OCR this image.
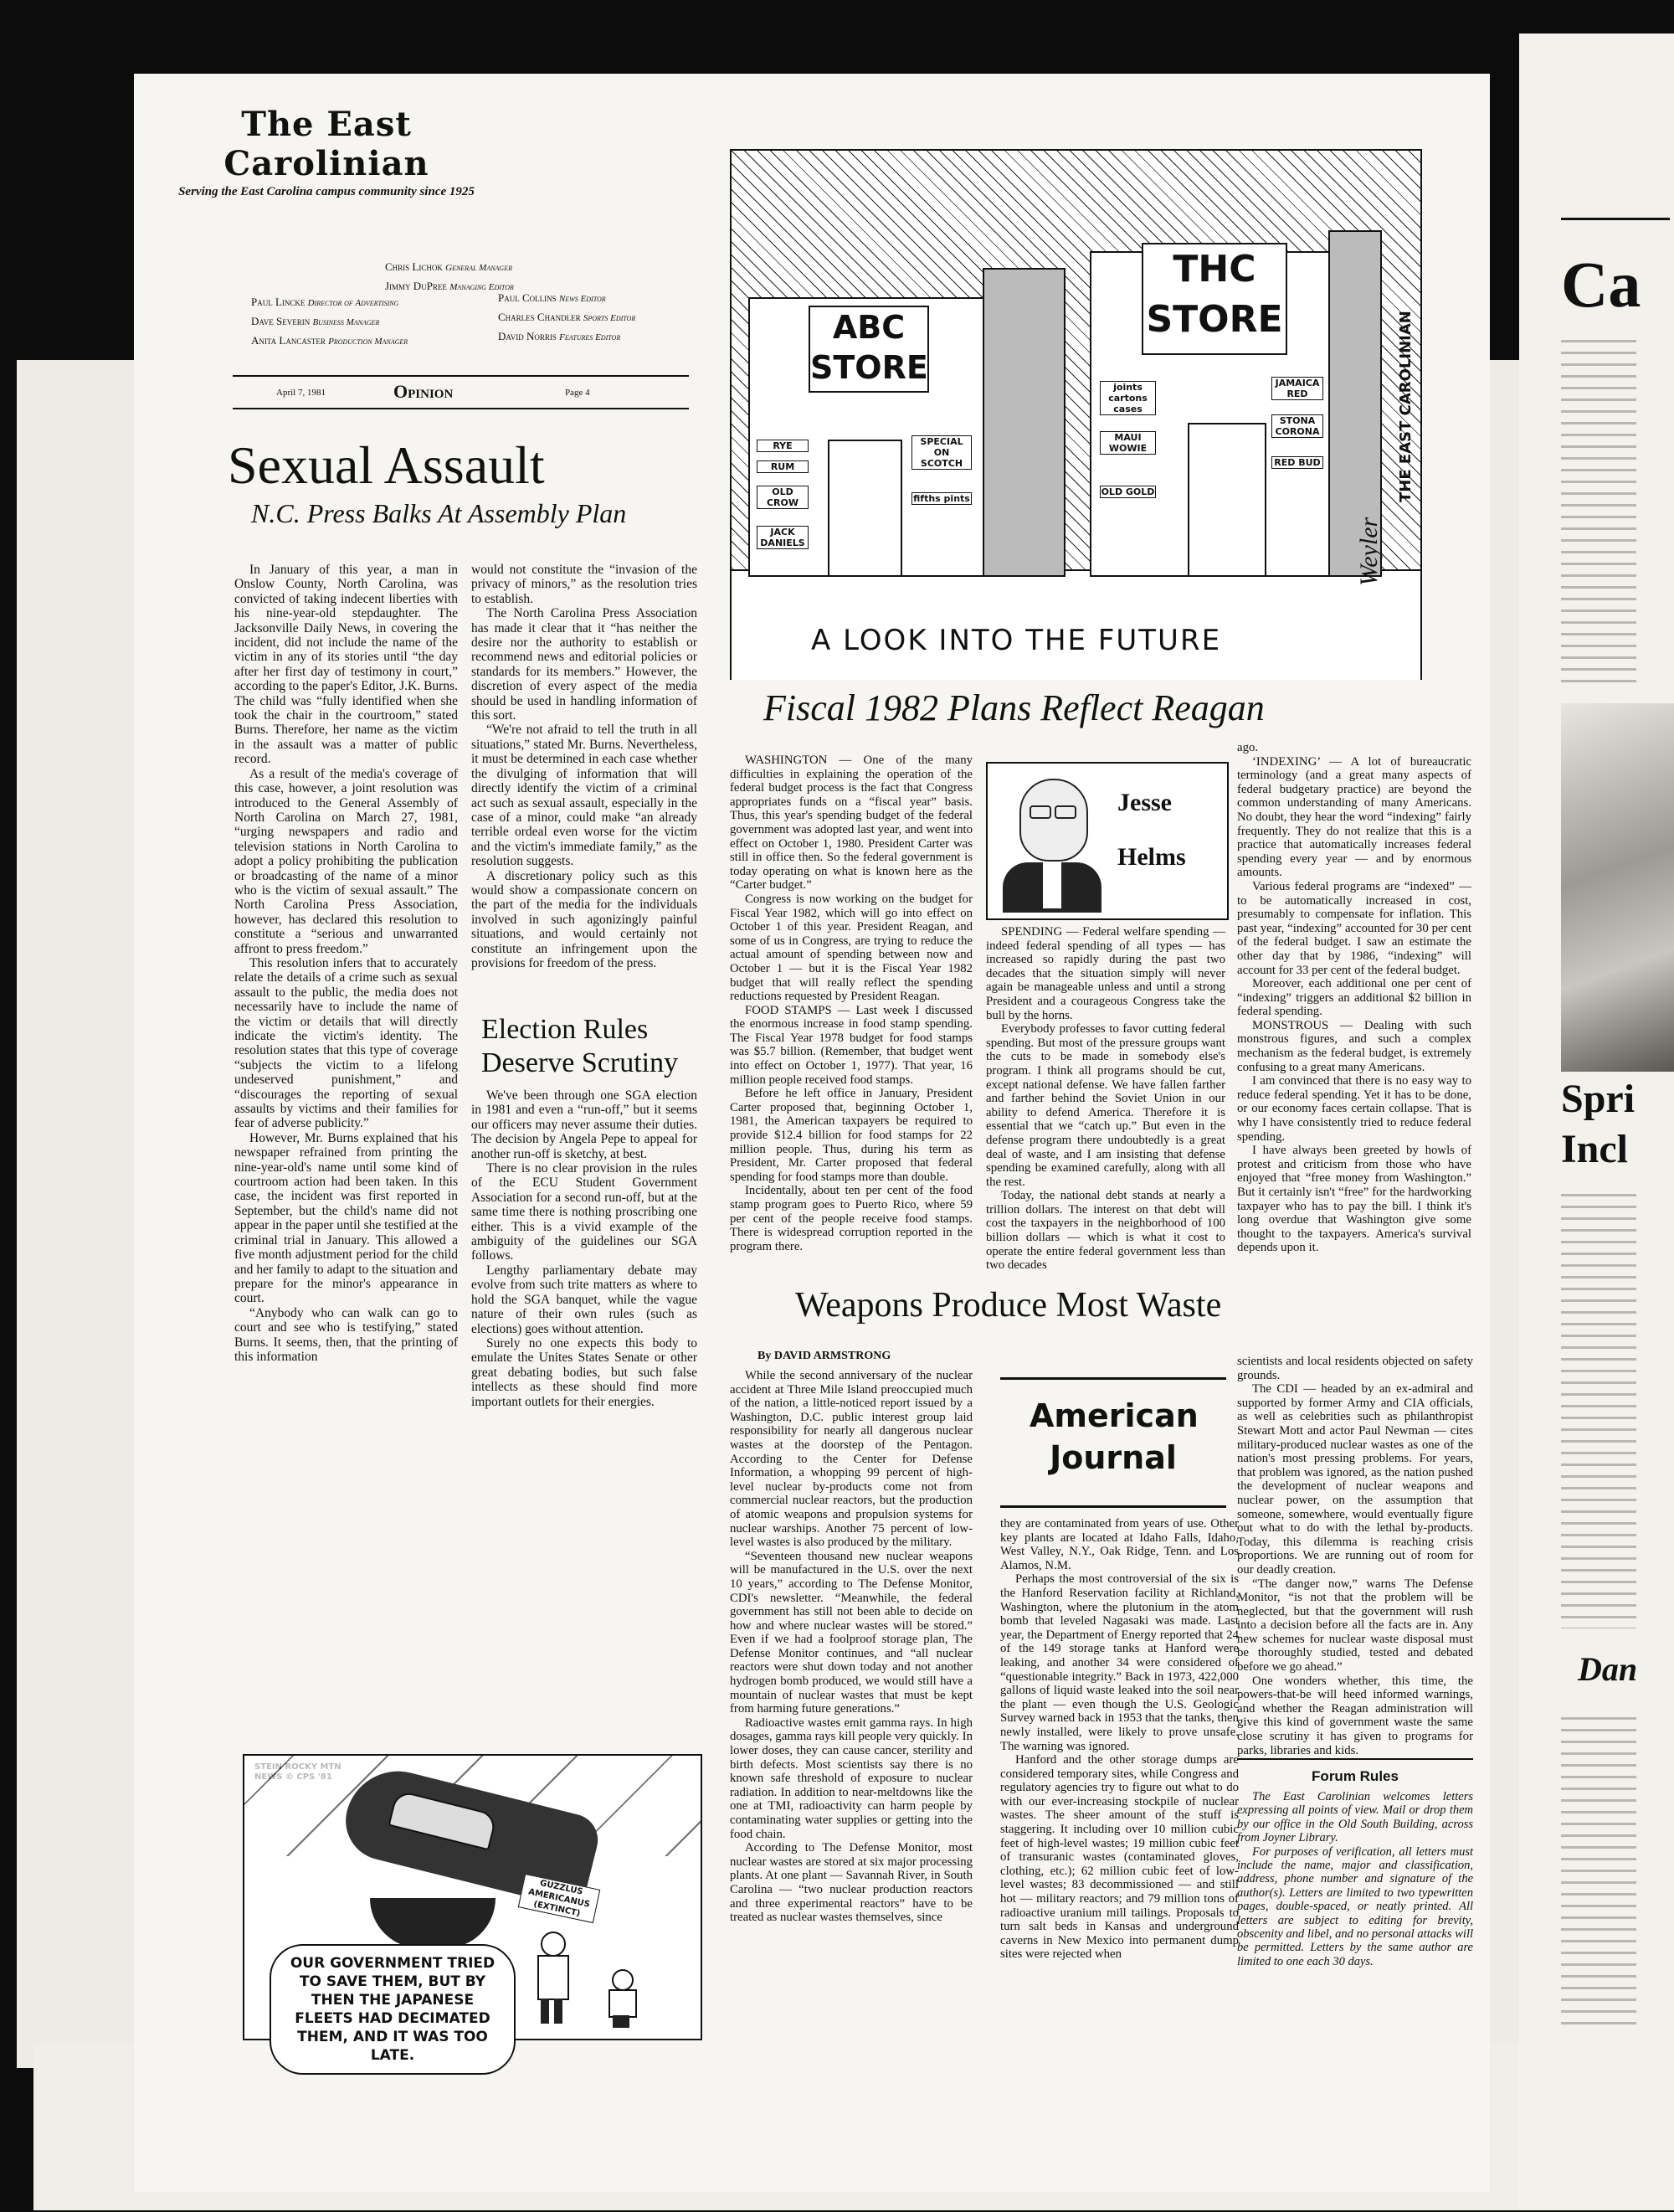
Ca
Spri
Incl
Dan
The East Carolinian
Serving the East Carolina campus community since 1925
Chris Lichok General Manager
Jimmy DuPree Managing Editor
Paul Lincke Director of Advertising
Dave Severin Business Manager
Anita Lancaster Production Manager
Paul Collins News Editor
Charles Chandler Sports Editor
David Norris Features Editor
April 7, 1981	Opinion	Page 4
Sexual Assault
N.C. Press Balks At Assembly Plan

In January of this year, a man in Onslow County, North Carolina, was convicted of taking indecent liberties with his nine-year-old stepdaughter. The Jacksonville Daily News, in covering the incident, did not include the name of the victim in any of its stories until “the day after her first day of testimony in court,” according to the paper's Editor, J.K. Burns. The child was “fully identified when she took the chair in the courtroom,” stated Burns. Therefore, her name as the victim in the assault was a matter of public record.

As a result of the media's coverage of this case, however, a joint resolution was introduced to the General Assembly of North Carolina on March 27, 1981, “urging newspapers and radio and television stations in North Carolina to adopt a policy prohibiting the publication or broadcasting of the name of a minor who is the victim of sexual assault.” The North Carolina Press Association, however, has declared this resolution to constitute a “serious and unwarranted affront to press freedom.”

This resolution infers that to accurately relate the details of a crime such as sexual assault to the public, the media does not necessarily have to include the name of the victim or details that will directly indicate the victim's identity. The resolution states that this type of coverage “subjects the victim to a lifelong undeserved punishment,” and “discourages the reporting of sexual assaults by victims and their families for fear of adverse publicity.”

However, Mr. Burns explained that his newspaper refrained from printing the nine-year-old's name until some kind of courtroom action had been taken. In this case, the incident was first reported in September, but the child's name did not appear in the paper until she testified at the criminal trial in January. This allowed a five month adjustment period for the child and her family to adapt to the situation and prepare for the minor's appearance in court.

“Anybody who can walk can go to court and see who is testifying,” stated Burns. It seems, then, that the printing of this information

would not constitute the “invasion of the privacy of minors,” as the resolution tries to establish.

The North Carolina Press Association has made it clear that it “has neither the desire nor the authority to establish or recommend news and editorial policies or standards for its members.” However, the discretion of every aspect of the media should be used in handling information of this sort.

“We're not afraid to tell the truth in all situations,” stated Mr. Burns. Nevertheless, it must be determined in each case whether the divulging of information that will directly identify the victim of a criminal act such as sexual assault, especially in the case of a minor, could make “an already terrible ordeal even worse for the victim and the victim's immediate family,” as the resolution suggests.

A discretionary policy such as this would show a compassionate concern on the part of the media for the individuals involved in such agonizingly painful situations, and would certainly not constitute an infringement upon the provisions for freedom of the press.

Election Rules Deserve Scrutiny

We've been through one SGA election in 1981 and even a “run-off,” but it seems our officers may never assume their duties. The decision by Angela Pepe to appeal for another run-off is sketchy, at best.

There is no clear provision in the rules of the ECU Student Government Association for a second run-off, but at the same time there is nothing proscribing one either. This is a vivid example of the ambiguity of the guidelines our SGA follows.

Lengthy parliamentary debate may evolve from such trite matters as where to hold the SGA banquet, while the vague nature of their own rules (such as elections) goes without attention.

Surely no one expects this body to emulate the Unites States Senate or other great debating bodies, but such false intellects as these should find more important outlets for their energies.

ABC STORE
RYE
RUM
OLD CROW
JACK DANIELS
SPECIAL ON SCOTCH
fifths pints
THC STORE
joints cartons cases
MAUI WOWIE
OLD GOLD
JAMAICA RED
STONA CORONA
RED BUD
A LOOK INTO THE FUTURE
Weyler
THE EAST CAROLINIAN
Fiscal 1982 Plans Reflect Reagan
Jesse
Helms

WASHINGTON — One of the many difficulties in explaining the operation of the federal budget process is the fact that Congress appropriates funds on a “fiscal year” basis. Thus, this year's spending budget of the federal government was adopted last year, and went into effect on October 1, 1980. President Carter was still in office then. So the federal government is today operating on what is known here as the “Carter budget.”

Congress is now working on the budget for Fiscal Year 1982, which will go into effect on October 1 of this year. President Reagan, and some of us in Congress, are trying to reduce the actual amount of spending between now and October 1 — but it is the Fiscal Year 1982 budget that will really reflect the spending reductions requested by President Reagan.

FOOD STAMPS — Last week I discussed the enormous increase in food stamp spending. The Fiscal Year 1978 budget for food stamps was $5.7 billion. (Remember, that budget went into effect on October 1, 1977). That year, 16 million people received food stamps.

Before he left office in January, President Carter proposed that, beginning October 1, 1981, the American taxpayers be required to provide $12.4 billion for food stamps for 22 million people. Thus, during his term as President, Mr. Carter proposed that federal spending for food stamps more than double.

Incidentally, about ten per cent of the food stamp program goes to Puerto Rico, where 59 per cent of the people receive food stamps. There is widespread corruption reported in the program there.

SPENDING — Federal welfare spending — indeed federal spending of all types — has increased so rapidly during the past two decades that the situation simply will never again be manageable unless and until a strong President and a courageous Congress take the bull by the horns.

Everybody professes to favor cutting federal spending. But most of the pressure groups want the cuts to be made in somebody else's program. I think all programs should be cut, except national defense. We have fallen farther and farther behind the Soviet Union in our ability to defend America. Therefore it is essential that we “catch up.” But even in the defense program there undoubtedly is a great deal of waste, and I am insisting that defense spending be examined carefully, along with all the rest.

Today, the national debt stands at nearly a trillion dollars. The interest on that debt will cost the taxpayers in the neighborhood of 100 billion dollars — which is what it cost to operate the entire federal government less than two decades

ago.

‘INDEXING’ — A lot of bureaucratic terminology (and a great many aspects of federal budgetary practice) are beyond the common understanding of many Americans. No doubt, they hear the word “indexing” fairly frequently. They do not realize that this is a practice that automatically increases federal spending every year — and by enormous amounts.

Various federal programs are “indexed” — to be automatically increased in cost, presumably to compensate for inflation. This past year, “indexing” accounted for 30 per cent of the federal budget. I saw an estimate the other day that by 1986, “indexing” will account for 33 per cent of the federal budget.

Moreover, each additional one per cent of “indexing” triggers an additional $2 billion in federal spending.

MONSTROUS — Dealing with such monstrous figures, and such a complex mechanism as the federal budget, is extremely confusing to a great many Americans.

I am convinced that there is no easy way to reduce federal spending. Yet it has to be done, or our economy faces certain collapse. That is why I have consistently tried to reduce federal spending.

I have always been greeted by howls of protest and criticism from those who have enjoyed that “free money from Washington.” But it certainly isn't “free” for the hardworking taxpayer who has to pay the bill. I think it's long overdue that Washington give some thought to the taxpayers. America's survival depends upon it.

Weapons Produce Most Waste
By DAVID ARMSTRONG

While the second anniversary of the nuclear accident at Three Mile Island preoccupied much of the nation, a little-noticed report issued by a Washington, D.C. public interest group laid responsibility for nearly all dangerous nuclear wastes at the doorstep of the Pentagon. According to the Center for Defense Information, a whopping 99 percent of high-level nuclear by-products come not from commercial nuclear reactors, but the production of atomic weapons and propulsion systems for nuclear warships. Another 75 percent of low-level wastes is also produced by the military.

“Seventeen thousand new nuclear weapons will be manufactured in the U.S. over the next 10 years,” according to The Defense Monitor, CDI's newsletter. “Meanwhile, the federal government has still not been able to decide on how and where nuclear wastes will be stored.” Even if we had a foolproof storage plan, The Defense Monitor continues, and “all nuclear reactors were shut down today and not another hydrogen bomb produced, we would still have a mountain of nuclear wastes that must be kept from harming future generations.”

Radioactive wastes emit gamma rays. In high dosages, gamma rays kill people very quickly. In lower doses, they can cause cancer, sterility and birth defects. Most scientists say there is no known safe threshold of exposure to nuclear radiation. In addition to near-meltdowns like the one at TMI, radioactivity can harm people by contaminating water supplies or getting into the food chain.

According to The Defense Monitor, most nuclear wastes are stored at six major processing plants. At one plant — Savannah River, in South Carolina — “two nuclear production reactors and three experimental reactors” have to be treated as nuclear wastes themselves, since

American Journal

they are contaminated from years of use. Other key plants are located at Idaho Falls, Idaho, West Valley, N.Y., Oak Ridge, Tenn. and Los Alamos, N.M.

Perhaps the most controversial of the six is the Hanford Reservation facility at Richland, Washington, where the plutonium in the atom bomb that leveled Nagasaki was made. Last year, the Department of Energy reported that 24 of the 149 storage tanks at Hanford were leaking, and another 34 were considered of “questionable integrity.” Back in 1973, 422,000 gallons of liquid waste leaked into the soil near the plant — even though the U.S. Geologic Survey warned back in 1953 that the tanks, then newly installed, were likely to prove unsafe. The warning was ignored.

Hanford and the other storage dumps are considered temporary sites, while Congress and regulatory agencies try to figure out what to do with our ever-increasing stockpile of nuclear wastes. The sheer amount of the stuff is staggering. It including over 10 million cubic feet of high-level wastes; 19 million cubic feet of transuranic wastes (contaminated gloves, clothing, etc.); 62 million cubic feet of low-level wastes; 83 decommissioned — and still hot — military reactors; and 79 million tons of radioactive uranium mill tailings. Proposals to turn salt beds in Kansas and underground caverns in New Mexico into permanent dump sites were rejected when

scientists and local residents objected on safety grounds.

The CDI — headed by an ex-admiral and supported by former Army and CIA officials, as well as celebrities such as philanthropist Stewart Mott and actor Paul Newman — cites military-produced nuclear wastes as one of the nation's most pressing problems. For years, that problem was ignored, as the nation pushed the development of nuclear weapons and nuclear power, on the assumption that someone, somewhere, would eventually figure out what to do with the lethal by-products. Today, this dilemma is reaching crisis proportions. We are running out of room for our deadly creation.

“The danger now,” warns The Defense Monitor, “is not that the problem will be neglected, but that the government will rush into a decision before all the facts are in. Any new schemes for nuclear waste disposal must be thoroughly studied, tested and debated before we go ahead.”

One wonders whether, this time, the powers-that-be will heed informed warnings, and whether the Reagan administration will give this kind of government waste the same close scrutiny it has given to programs for parks, libraries and kids.

Forum Rules

The East Carolinian welcomes letters expressing all points of view. Mail or drop them by our office in the Old South Building, across from Joyner Library.

For purposes of verification, all letters must include the name, major and classification, address, phone number and signature of the author(s). Letters are limited to two typewritten pages, double-spaced, or neatly printed. All letters are subject to editing for brevity, obscenity and libel, and no personal attacks will be permitted. Letters by the same author are limited to one each 30 days.

GUZZLUS AMERICANUS (EXTINCT)
OUR GOVERNMENT TRIED TO SAVE THEM, BUT BY THEN THE JAPANESE FLEETS HAD DECIMATED THEM, AND IT WAS TOO LATE.
